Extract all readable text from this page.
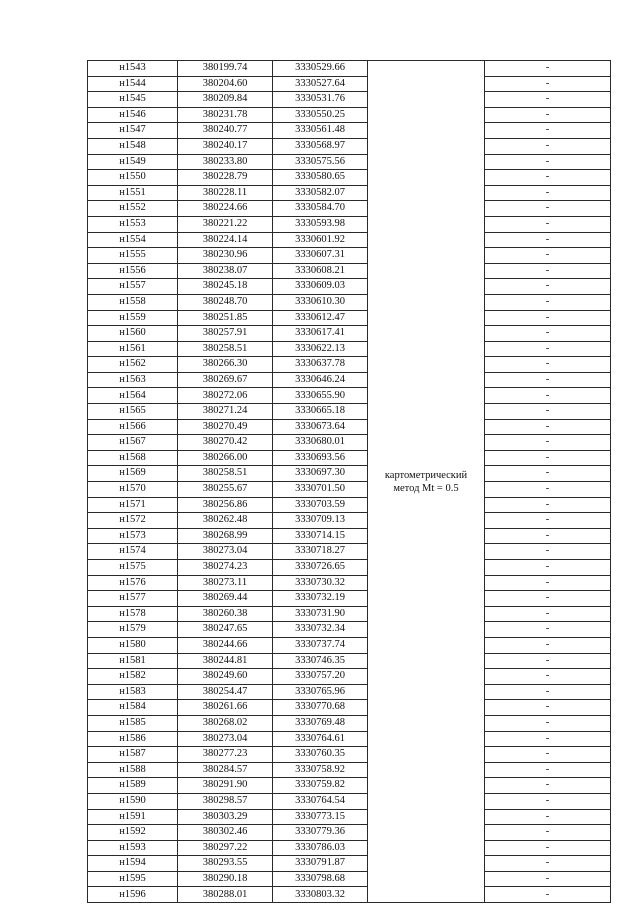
н1543	380199.74	3330529.66	картометрический метод Mt = 0.5	-
н1544	380204.60	3330527.64		-
н1545	380209.84	3330531.76		-
н1546	380231.78	3330550.25		-
н1547	380240.77	3330561.48		-
н1548	380240.17	3330568.97		-
н1549	380233.80	3330575.56		-
н1550	380228.79	3330580.65		-
н1551	380228.11	3330582.07		-
н1552	380224.66	3330584.70		-
н1553	380221.22	3330593.98		-
н1554	380224.14	3330601.92		-
н1555	380230.96	3330607.31		-
н1556	380238.07	3330608.21		-
н1557	380245.18	3330609.03		-
н1558	380248.70	3330610.30		-
н1559	380251.85	3330612.47		-
н1560	380257.91	3330617.41		-
н1561	380258.51	3330622.13		-
н1562	380266.30	3330637.78		-
н1563	380269.67	3330646.24		-
н1564	380272.06	3330655.90		-
н1565	380271.24	3330665.18		-
н1566	380270.49	3330673.64		-
н1567	380270.42	3330680.01		-
н1568	380266.00	3330693.56		-
н1569	380258.51	3330697.30		-
н1570	380255.67	3330701.50		-
н1571	380256.86	3330703.59		-
н1572	380262.48	3330709.13		-
н1573	380268.99	3330714.15		-
н1574	380273.04	3330718.27		-
н1575	380274.23	3330726.65		-
н1576	380273.11	3330730.32		-
н1577	380269.44	3330732.19		-
н1578	380260.38	3330731.90		-
н1579	380247.65	3330732.34		-
н1580	380244.66	3330737.74		-
н1581	380244.81	3330746.35		-
н1582	380249.60	3330757.20		-
н1583	380254.47	3330765.96		-
н1584	380261.66	3330770.68		-
н1585	380268.02	3330769.48		-
н1586	380273.04	3330764.61		-
н1587	380277.23	3330760.35		-
н1588	380284.57	3330758.92		-
н1589	380291.90	3330759.82		-
н1590	380298.57	3330764.54		-
н1591	380303.29	3330773.15		-
н1592	380302.46	3330779.36		-
н1593	380297.22	3330786.03		-
н1594	380293.55	3330791.87		-
н1595	380290.18	3330798.68		-
н1596	380288.01	3330803.32		-
